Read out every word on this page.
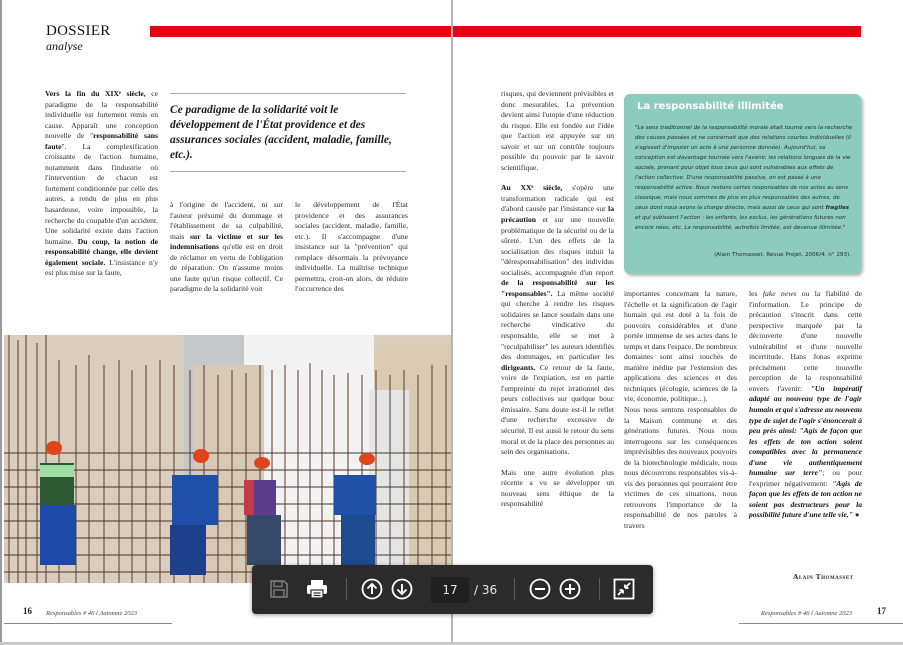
DOSSIER
analyse

Vers la fin du XIXᵉ siècle, ce paradigme de la responsabilité individuelle est fortement remis en cause. Apparaît une conception nouvelle de "responsabilité sans faute". La complexification croissante de l'action humaine, notamment dans l'industrie où l'intervention de chacun est fortement conditionnée par celle des autres, a rendu de plus en plus hasardeuse, voire impossible, la recherche du coupable d'un accident. Une solidarité existe dans l'action humaine. Du coup, la notion de responsabilité change, elle devient également sociale. L'insistance n'y est plus mise sur la faute,

Ce paradigme de la solidarité voit le développement de l'État providence et des assurances sociales (accident, maladie, famille, etc.).

à l'origine de l'accident, ni sur l'auteur présumé du dommage et l'établissement de sa culpabilité, mais sur la victime et sur les indemnisations qu'elle est en droit de réclamer en vertu de l'obligation de réparation. On n'assume moins une faute qu'un risque collectif. Ce paradigme de la solidarité voit

le développement de l'État providence et des assurances sociales (accident, maladie, famille, etc.). Il s'accompagne d'une insistance sur la "prévention" qui remplace désormais la prévoyance individuelle. La maîtrise technique permettra, croit-on alors, de réduire l'occurrence des

16 Responsables # 46 l Automne 2023

risques, qui deviennent prévisibles et donc mesurables. La prévention devient ainsi l'utopie d'une réduction du risque. Elle est fondée sur l'idée que l'action est appuyée sur un savoir et sur un contrôle toujours possible du pouvoir par le savoir scientifique.

Au XXᵉ siècle, s'opère une transformation radicale qui est d'abord causée par l'insistance sur la précaution et sur une nouvelle problématique de la sécurité ou de la sûreté. L'un des effets de la socialisation des risques induit la "déresponsabilisation" des individus socialisés, accompagnée d'un report de la responsabilité sur les "responsables". La même société qui cherche à rendre les risques solidaires se lance soudain dans une recherche vindicative du responsable, elle se met à "reculpabiliser" les auteurs identifiés des dommages, en particulier les dirigeants. Ce retour de la faute, voire de l'expiation, est en partie l'empreinte du rejet irrationnel des peurs collectives sur quelque bouc émissaire. Sans doute est-il le reflet d'une recherche excessive de sécurité. Il est aussi le retour du sens moral et de la place des personnes au sein des organisations.

Mais une autre évolution plus récente a vu se développer un nouveau sens éthique de la responsabilité

importantes concernant la nature, l'échelle et la signification de l'agir humain qui est doté à la fois de pouvoirs considérables et d'une portée immense de ses actes dans le temps et dans l'espace. De nombreux domaines sont ainsi touchés de manière inédite par l'extension des applications des sciences et des techniques (écologie, sciences de la vie, économie, politique...).

Nous nous sentons responsables de la Maison commune et des générations futures. Nous nous interrogeons sur les conséquences imprévisibles des nouveaux pouvoirs de la biotechnologie médicale, nous nous découvrons responsables vis-à-vis des personnes qui pourraient être victimes de ces situations, nous retrouvons l'importance de la responsabilité de nos paroles à travers

les fake news ou la fiabilité de l'information. Le principe de précaution s'inscrit dans cette perspective marquée par la découverte d'une nouvelle vulnérabilité et d'une nouvelle incertitude. Hans Jonas exprime précisément cette nouvelle perception de la responsabilité envers l'avenir: "Un impératif adapté au nouveau type de l'agir humain et qui s'adresse au nouveau type de sujet de l'agir s'énoncerait à peu près ainsi: "Agis de façon que les effets de ton action soient compatibles avec la permanence d'une vie authentiquement humaine sur terre"; ou pour l'exprimer négativement: "Agis de façon que les effets de ton action ne soient pas destructeurs pour la possibilité future d'une telle vie." ●

Alain Thomasset
Responsables # 46 l Automne 2023	17
La responsabilité illimitée
"Le sens traditionnel de la responsabilité morale était tourné vers la recherche des causes passées et ne concernait que des relations courtes individuelles (il s'agissait d'imputer un acte à une personne donnée). Aujourd'hui, sa conception est davantage tournée vers l'avenir, les relations longues de la vie sociale, prenant pour objet tous ceux qui sont vulnérables aux effets de l'action collective. D'une responsabilité passive, on est passé à une responsabilité active. Nous restons certes responsables de nos actes au sens classique, mais nous sommes de plus en plus responsables des autres, de ceux dont nous avons la charge directe, mais aussi de ceux qui sont fragiles et qui subissent l'action : les enfants, les exclus, les générations futures non encore nées, etc. La responsabilité, autrefois limitée, est devenue illimitée."
(Alain Thomasset, Revue Projet, 2006/4, n° 293).
17	/ 36
